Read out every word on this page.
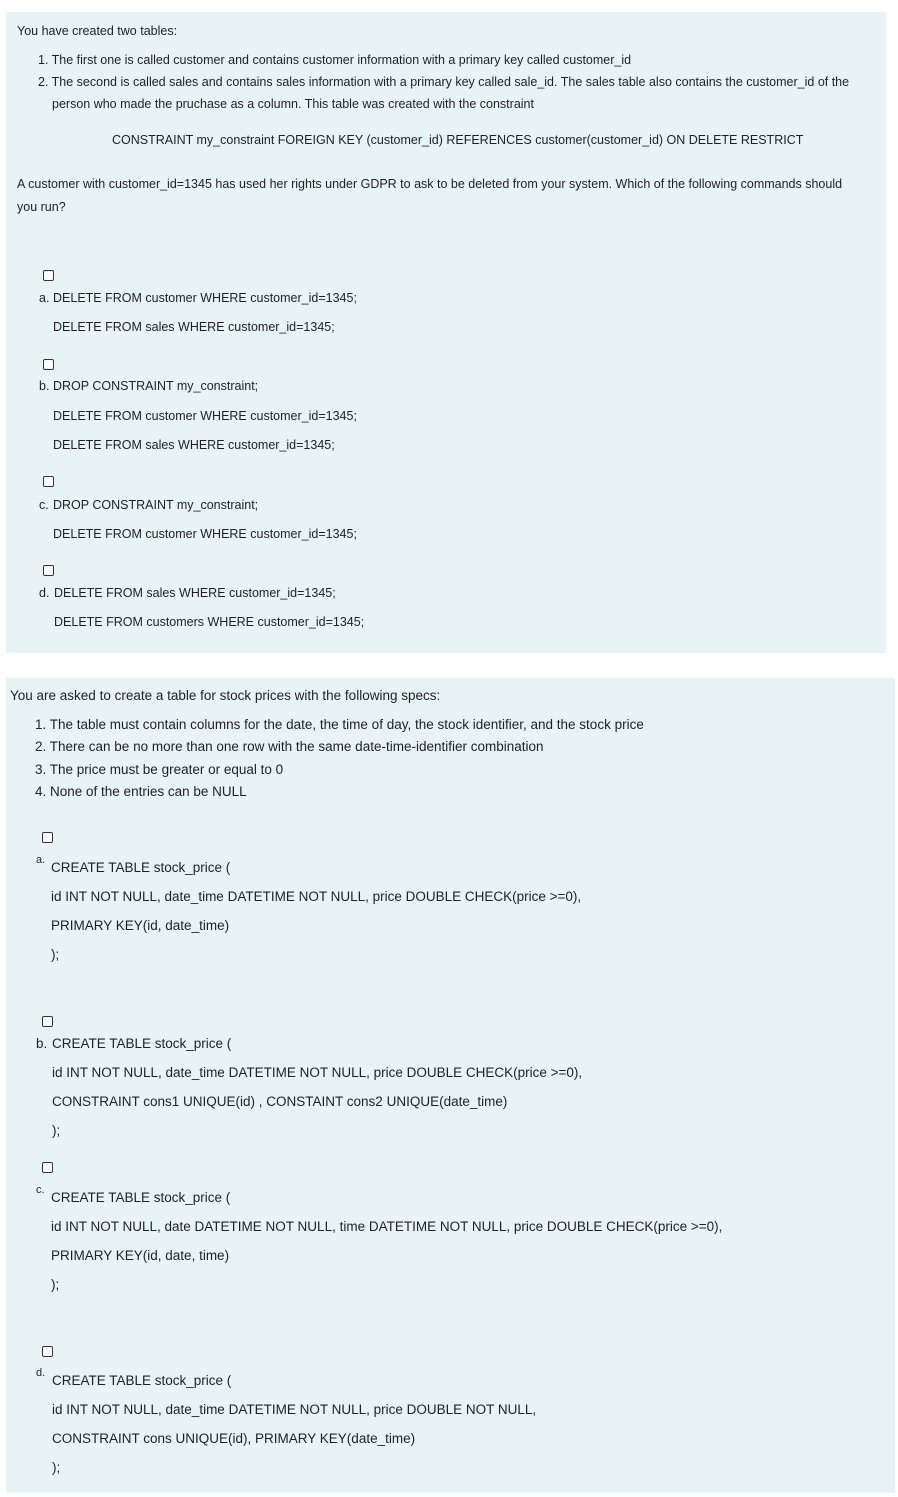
You have created two tables:
1. The first one is called customer and contains customer information with a primary key called customer_id
2. The second is called sales and contains sales information with a primary key called sale_id. The sales table also contains the customer_id of the
person who made the pruchase as a column. This table was created with the constraint
CONSTRAINT my_constraint FOREIGN KEY (customer_id) REFERENCES customer(customer_id) ON DELETE RESTRICT
A customer with customer_id=1345 has used her rights under GDPR to ask to be deleted from your system. Which of the following commands should
you run?
a. DELETE FROM customer WHERE customer_id=1345;
DELETE FROM sales WHERE customer_id=1345;
b. DROP CONSTRAINT my_constraint;
DELETE FROM customer WHERE customer_id=1345;
DELETE FROM sales WHERE customer_id=1345;
c. DROP CONSTRAINT my_constraint;
DELETE FROM customer WHERE customer_id=1345;
d. DELETE FROM sales WHERE customer_id=1345;
DELETE FROM customers WHERE customer_id=1345;
You are asked to create a table for stock prices with the following specs:
1. The table must contain columns for the date, the time of day, the stock identifier, and the stock price
2. There can be no more than one row with the same date-time-identifier combination
3. The price must be greater or equal to 0
4. None of the entries can be NULL
a. CREATE TABLE stock_price (
id INT NOT NULL, date_time DATETIME NOT NULL, price DOUBLE CHECK(price >=0),
PRIMARY KEY(id, date_time)
);
b. CREATE TABLE stock_price (
id INT NOT NULL, date_time DATETIME NOT NULL, price DOUBLE CHECK(price >=0),
CONSTRAINT cons1 UNIQUE(id) , CONSTAINT cons2 UNIQUE(date_time)
);
c. CREATE TABLE stock_price (
id INT NOT NULL, date DATETIME NOT NULL, time DATETIME NOT NULL, price DOUBLE CHECK(price >=0),
PRIMARY KEY(id, date, time)
);
d. CREATE TABLE stock_price (
id INT NOT NULL, date_time DATETIME NOT NULL, price DOUBLE NOT NULL,
CONSTRAINT cons UNIQUE(id), PRIMARY KEY(date_time)
);
